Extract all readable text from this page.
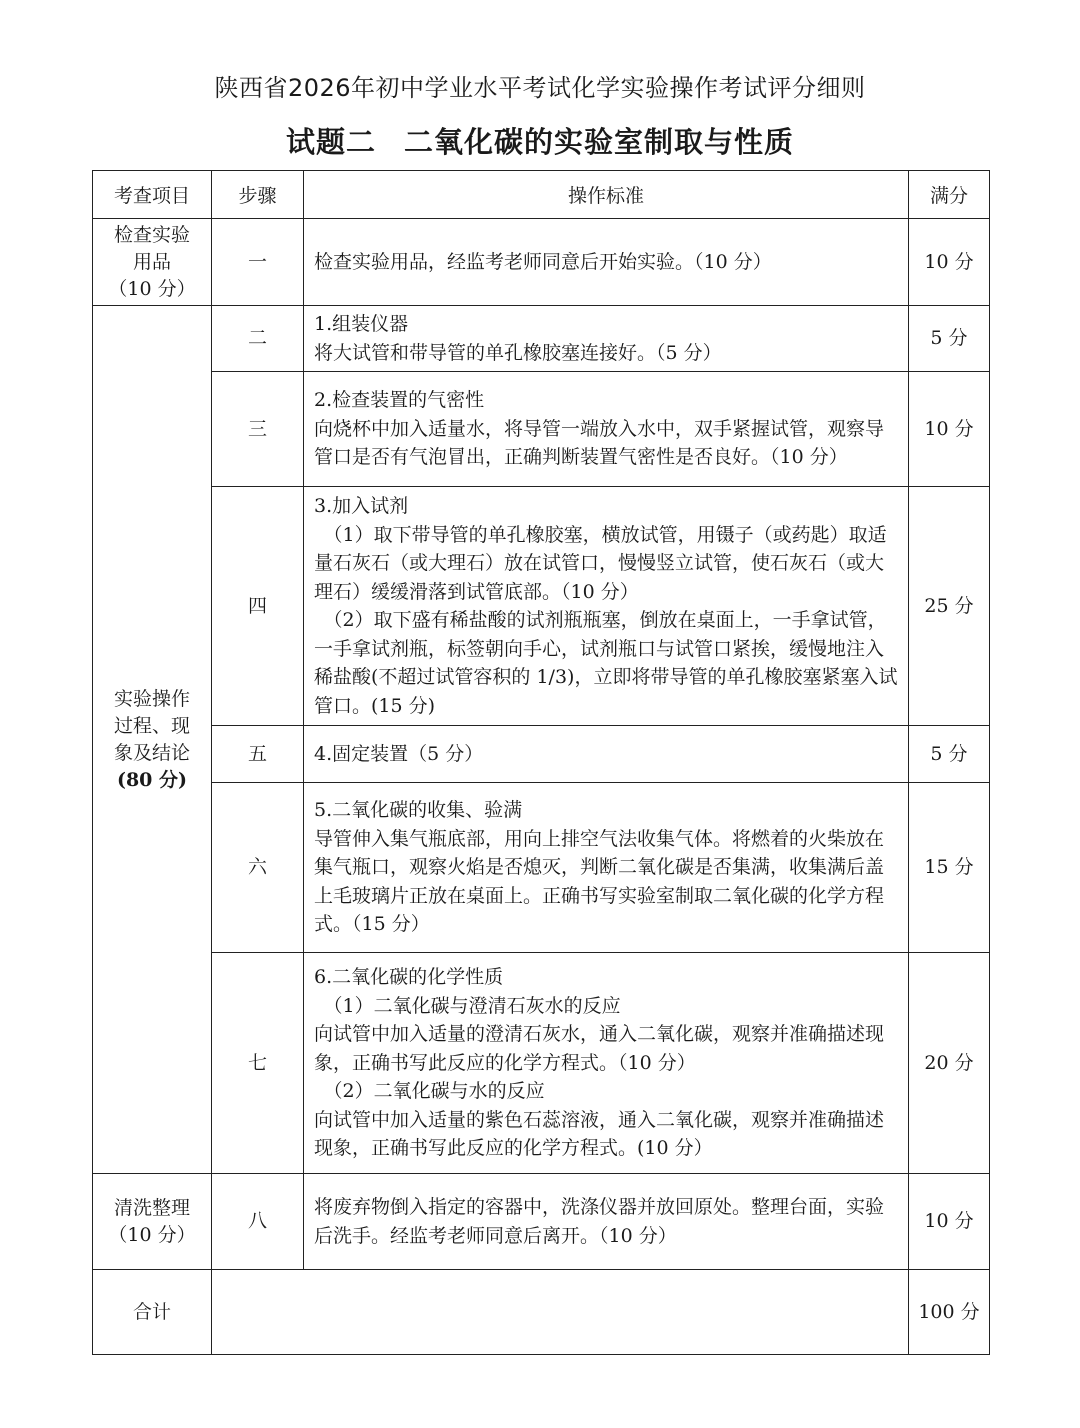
陕西省2026年初中学业水平考试化学实验操作考试评分细则
试题二 二氧化碳的实验室制取与性质
考查项目	步骤	操作标准	满分

检查实验
用品
（10 分）	一	检查实验用品，经监考老师同意后开始实验。（10 分）	10 分

实验操作
过程、现
象及结论
(80 分)	二	1.组装仪器
将大试管和带导管的单孔橡胶塞连接好。（5 分）	5 分
	三	2.检查装置的气密性
向烧杯中加入适量水，将导管一端放入水中，双手紧握试管，观察导管口是否有气泡冒出，正确判断装置气密性是否良好。（10 分）	10 分
	四	3.加入试剂
（1）取下带导管的单孔橡胶塞，横放试管，用镊子（或药匙）取适量石灰石（或大理石）放在试管口，慢慢竖立试管，使石灰石（或大理石）缓缓滑落到试管底部。（10 分）
（2）取下盛有稀盐酸的试剂瓶瓶塞，倒放在桌面上，一手拿试管，一手拿试剂瓶，标签朝向手心，试剂瓶口与试管口紧挨，缓慢地注入稀盐酸(不超过试管容积的 1/3)，立即将带导管的单孔橡胶塞紧塞入试管口。(15 分)	25 分
	五	4.固定装置（5 分）	5 分
	六	5.二氧化碳的收集、验满
导管伸入集气瓶底部，用向上排空气法收集气体。将燃着的火柴放在集气瓶口，观察火焰是否熄灭，判断二氧化碳是否集满，收集满后盖上毛玻璃片正放在桌面上。正确书写实验室制取二氧化碳的化学方程式。（15 分）	15 分
	七	6.二氧化碳的化学性质
（1）二氧化碳与澄清石灰水的反应
向试管中加入适量的澄清石灰水，通入二氧化碳，观察并准确描述现象，正确书写此反应的化学方程式。（10 分）
（2）二氧化碳与水的反应
向试管中加入适量的紫色石蕊溶液，通入二氧化碳，观察并准确描述现象，正确书写此反应的化学方程式。(10 分）	20 分

清洗整理
（10 分）	八	将废弃物倒入指定的容器中，洗涤仪器并放回原处。整理台面，实验后洗手。经监考老师同意后离开。（10 分）	10 分
合计			100 分
